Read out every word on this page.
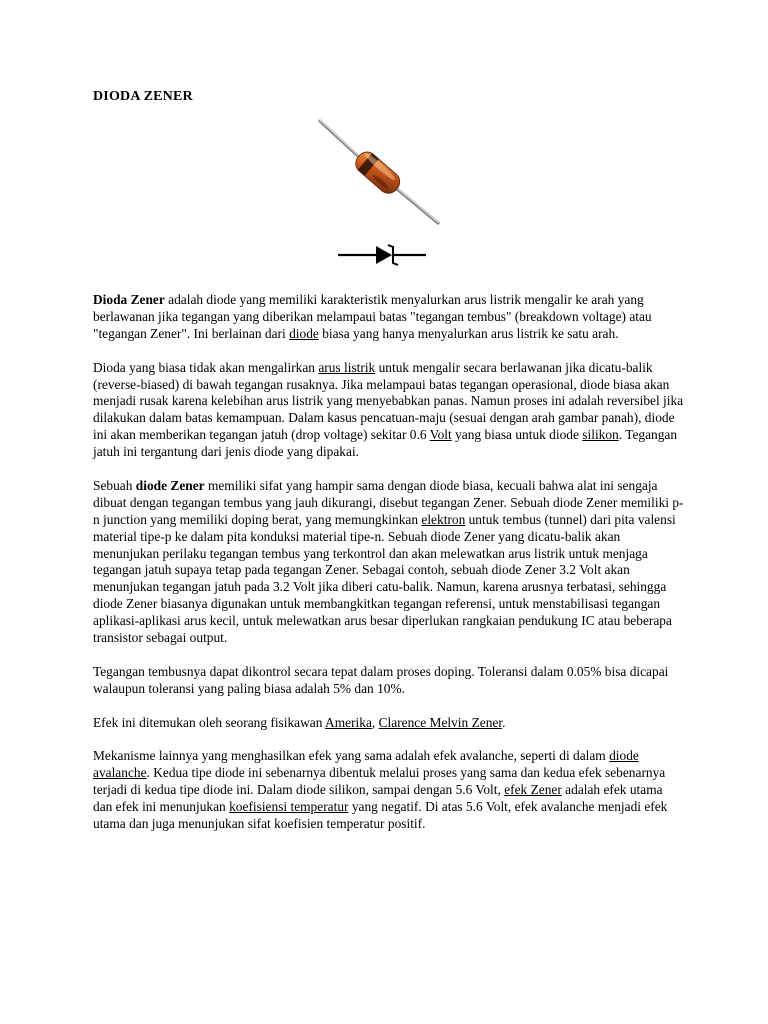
DIODA ZENER

Dioda Zener adalah diode yang memiliki karakteristik menyalurkan arus listrik mengalir ke arah yang berlawanan jika tegangan yang diberikan melampaui batas "tegangan tembus" (breakdown voltage) atau "tegangan Zener". Ini berlainan dari diode biasa yang hanya menyalurkan arus listrik ke satu arah.

Dioda yang biasa tidak akan mengalirkan arus listrik untuk mengalir secara berlawanan jika dicatu-balik (reverse-biased) di bawah tegangan rusaknya. Jika melampaui batas tegangan operasional, diode biasa akan menjadi rusak karena kelebihan arus listrik yang menyebabkan panas. Namun proses ini adalah reversibel jika dilakukan dalam batas kemampuan. Dalam kasus pencatuan-maju (sesuai dengan arah gambar panah), diode ini akan memberikan tegangan jatuh (drop voltage) sekitar 0.6 Volt yang biasa untuk diode silikon. Tegangan jatuh ini tergantung dari jenis diode yang dipakai.

Sebuah diode Zener memiliki sifat yang hampir sama dengan diode biasa, kecuali bahwa alat ini sengaja dibuat dengan tegangan tembus yang jauh dikurangi, disebut tegangan Zener. Sebuah diode Zener memiliki p-n junction yang memiliki doping berat, yang memungkinkan elektron untuk tembus (tunnel) dari pita valensi material tipe-p ke dalam pita konduksi material tipe-n. Sebuah diode Zener yang dicatu-balik akan menunjukan perilaku tegangan tembus yang terkontrol dan akan melewatkan arus listrik untuk menjaga tegangan jatuh supaya tetap pada tegangan Zener. Sebagai contoh, sebuah diode Zener 3.2 Volt akan menunjukan tegangan jatuh pada 3.2 Volt jika diberi catu-balik. Namun, karena arusnya terbatasi, sehingga diode Zener biasanya digunakan untuk membangkitkan tegangan referensi, untuk menstabilisasi tegangan aplikasi-aplikasi arus kecil, untuk melewatkan arus besar diperlukan rangkaian pendukung IC atau beberapa transistor sebagai output.

Tegangan tembusnya dapat dikontrol secara tepat dalam proses doping. Toleransi dalam 0.05% bisa dicapai walaupun toleransi yang paling biasa adalah 5% dan 10%.

Efek ini ditemukan oleh seorang fisikawan Amerika, Clarence Melvin Zener.

Mekanisme lainnya yang menghasilkan efek yang sama adalah efek avalanche, seperti di dalam diode avalanche. Kedua tipe diode ini sebenarnya dibentuk melalui proses yang sama dan kedua efek sebenarnya terjadi di kedua tipe diode ini. Dalam diode silikon, sampai dengan 5.6 Volt, efek Zener adalah efek utama dan efek ini menunjukan koefisiensi temperatur yang negatif. Di atas 5.6 Volt, efek avalanche menjadi efek utama dan juga menunjukan sifat koefisien temperatur positif.
